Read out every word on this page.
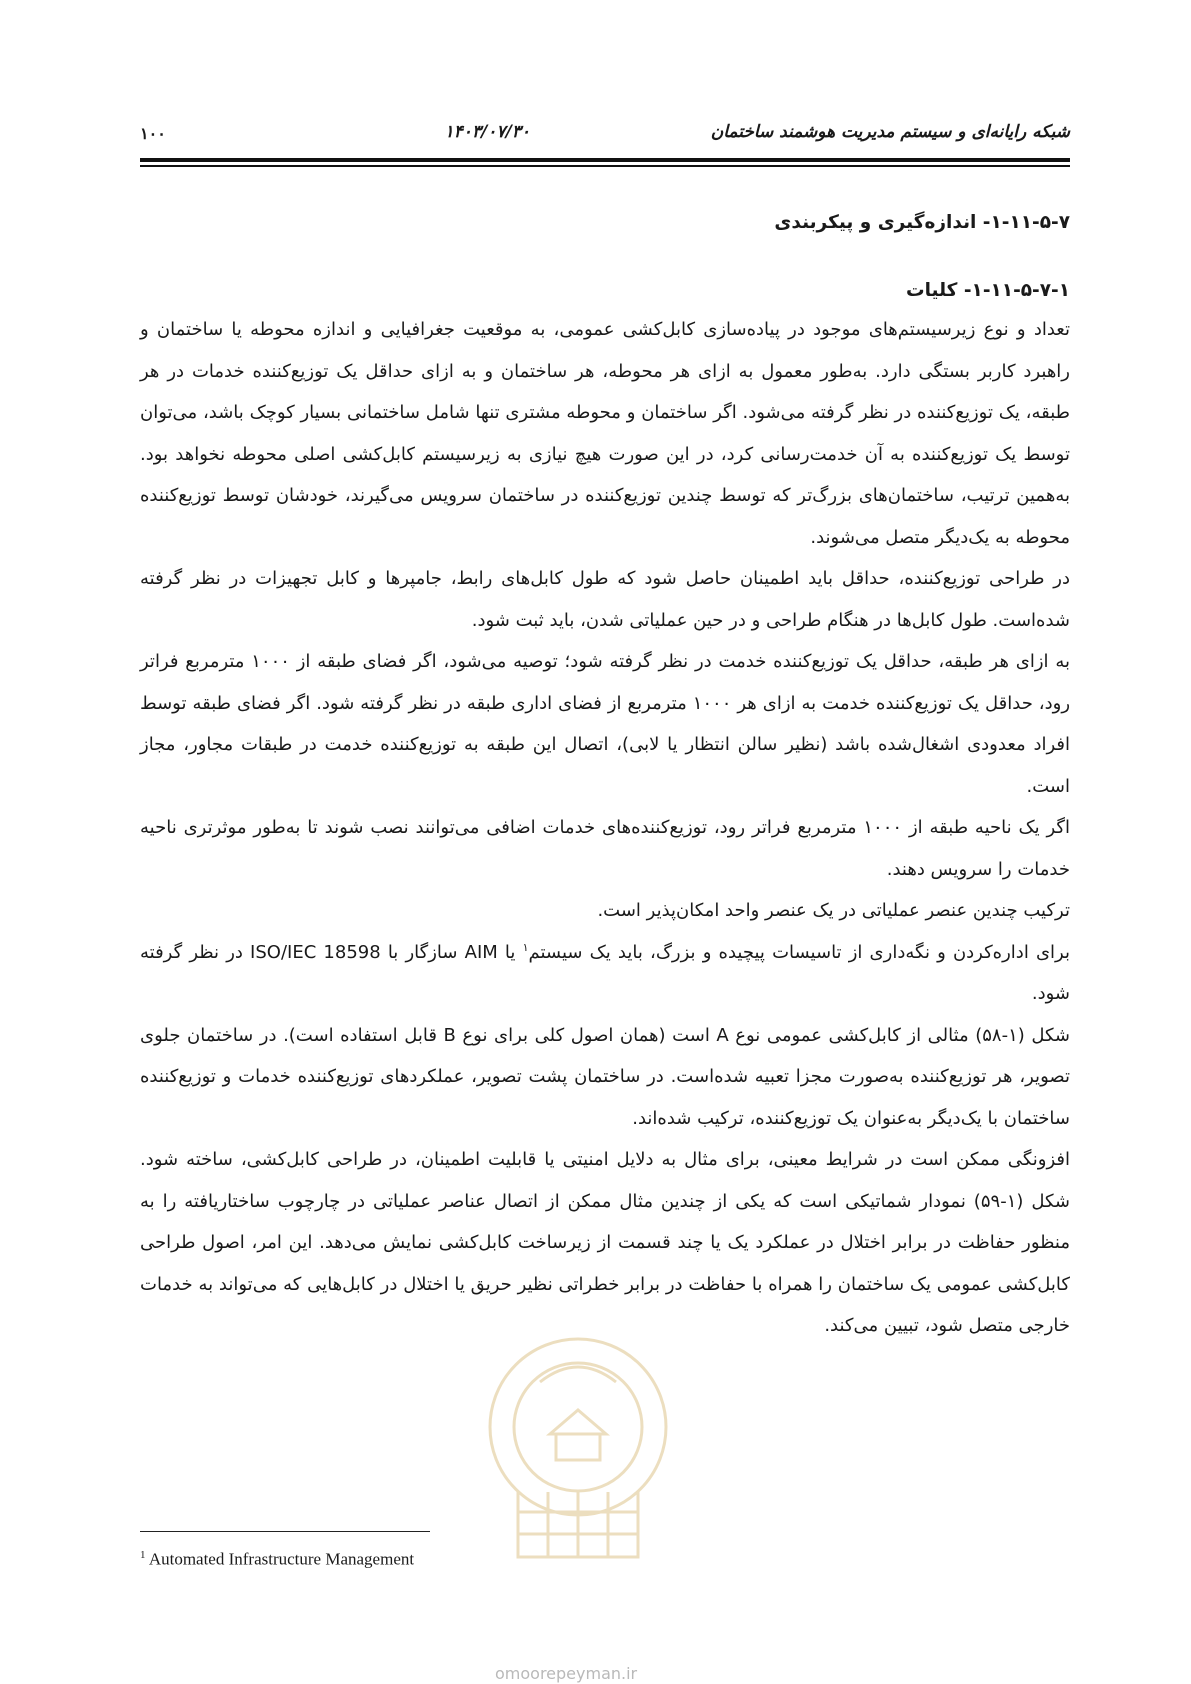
شبکه رایانه‌ای و سیستم مدیریت هوشمند ساختمان
۱۴۰۳/۰۷/۳۰
۱۰۰

۱-۱۱-۵-۷- اندازه‌گیری و پیکربندی

۱-۱۱-۵-۷-۱- کلیات

تعداد و نوع زیرسیستم‌های موجود در پیاده‌سازی کابل‌کشی عمومی، به موقعیت جغرافیایی و اندازه محوطه یا ساختمان و راهبرد کاربر بستگی دارد. به‌طور معمول به ازای هر محوطه، هر ساختمان و به ازای حداقل یک توزیع‌کننده خدمات در هر طبقه، یک توزیع‌کننده در نظر گرفته می‌شود. اگر ساختمان و محوطه مشتری تنها شامل ساختمانی بسیار کوچک باشد، می‌توان توسط یک توزیع‌کننده به آن خدمت‌رسانی کرد، در این صورت هیچ نیازی به زیرسیستم کابل‌کشی اصلی محوطه نخواهد بود. به‌همین ترتیب، ساختمان‌های بزرگ‌تر که توسط چندین توزیع‌کننده در ساختمان سرویس می‌گیرند، خودشان توسط توزیع‌کننده محوطه به یک‌دیگر متصل می‌شوند.

در طراحی توزیع‌کننده، حداقل باید اطمینان حاصل شود که طول کابل‌های رابط، جامپرها و کابل تجهیزات در نظر گرفته شده‌است. طول کابل‌ها در هنگام طراحی و در حین عملیاتی شدن، باید ثبت شود.

به ازای هر طبقه، حداقل یک توزیع‌کننده خدمت در نظر گرفته شود؛ توصیه می‌شود، اگر فضای طبقه از ۱۰۰۰ مترمربع فراتر رود، حداقل یک توزیع‌کننده خدمت به ازای هر ۱۰۰۰ مترمربع از فضای اداری طبقه در نظر گرفته شود. اگر فضای طبقه توسط افراد معدودی اشغال‌شده باشد (نظیر سالن انتظار یا لابی)، اتصال این طبقه به توزیع‌کننده خدمت در طبقات مجاور، مجاز است.

اگر یک ناحیه طبقه از ۱۰۰۰ مترمربع فراتر رود، توزیع‌کننده‌های خدمات اضافی می‌توانند نصب شوند تا به‌طور موثرتری ناحیه خدمات را سرویس دهند.

ترکیب چندین عنصر عملیاتی در یک عنصر واحد امکان‌پذیر است.

برای اداره‌کردن و نگه‌داری از تاسیسات پیچیده و بزرگ، باید یک سیستم$^۱$ یا AIM سازگار با ISO/IEC 18598 در نظر گرفته شود.

شکل (۱-۵۸) مثالی از کابل‌کشی عمومی نوع A است (همان اصول کلی برای نوع B قابل استفاده است). در ساختمان جلوی تصویر، هر توزیع‌کننده به‌صورت مجزا تعبیه شده‌است. در ساختمان پشت تصویر، عملکردهای توزیع‌کننده خدمات و توزیع‌کننده ساختمان با یک‌دیگر به‌عنوان یک توزیع‌کننده، ترکیب شده‌اند.

افزونگی ممکن است در شرایط معینی، برای مثال به دلایل امنیتی یا قابلیت اطمینان، در طراحی کابل‌کشی، ساخته شود. شکل (۱-۵۹) نمودار شماتیکی است که یکی از چندین مثال ممکن از اتصال عناصر عملیاتی در چارچوب ساختاریافته را به منظور حفاظت در برابر اختلال در عملکرد یک یا چند قسمت از زیرساخت کابل‌کشی نمایش می‌دهد. این امر، اصول طراحی کابل‌کشی عمومی یک ساختمان را همراه با حفاظت در برابر خطراتی نظیر حریق یا اختلال در کابل‌هایی که می‌تواند به خدمات خارجی متصل شود، تبیین می‌کند.

omoorepeyman.ir
$^1$ Automated Infrastructure Management
